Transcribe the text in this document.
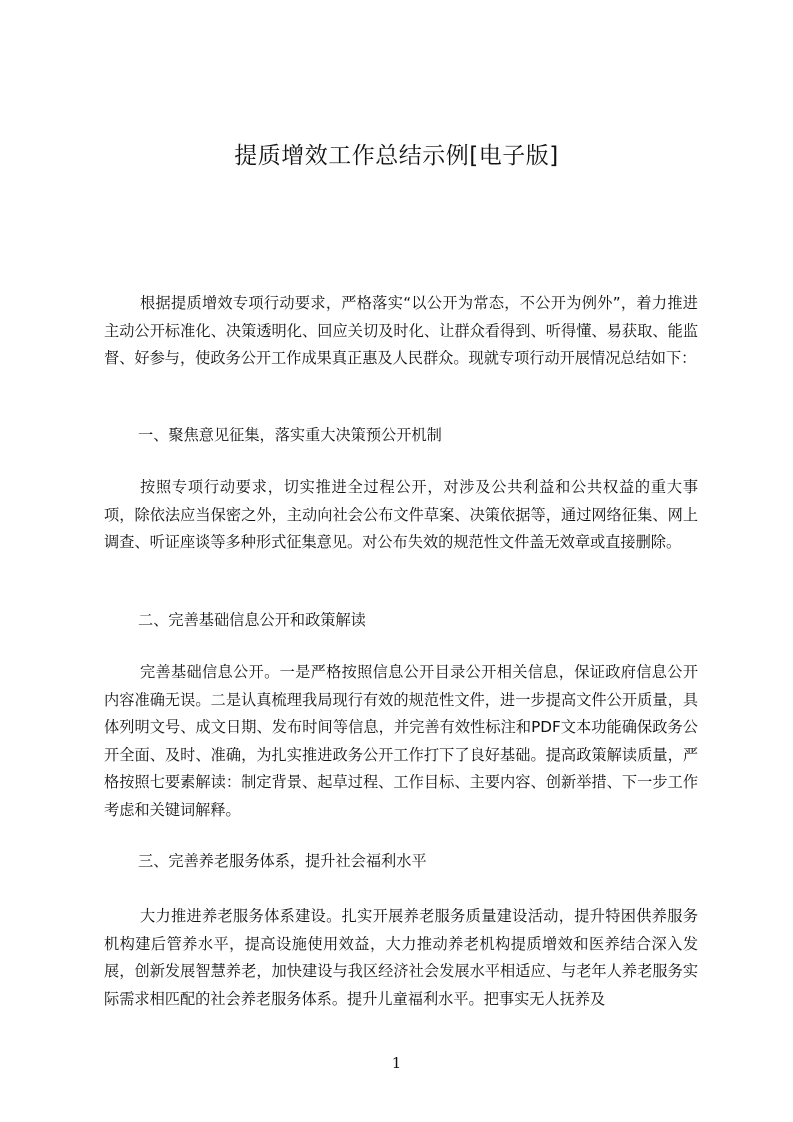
提质增效工作总结示例[电子版]

根据提质增效专项行动要求，严格落实“以公开为常态，不公开为例外”，着力推进主动公开标准化、决策透明化、回应关切及时化、让群众看得到、听得懂、易获取、能监督、好参与，使政务公开工作成果真正惠及人民群众。现就专项行动开展情况总结如下：

一、聚焦意见征集，落实重大决策预公开机制

按照专项行动要求，切实推进全过程公开，对涉及公共利益和公共权益的重大事项，除依法应当保密之外，主动向社会公布文件草案、决策依据等，通过网络征集、网上调查、听证座谈等多种形式征集意见。对公布失效的规范性文件盖无效章或直接删除。

二、完善基础信息公开和政策解读

完善基础信息公开。一是严格按照信息公开目录公开相关信息，保证政府信息公开内容准确无误。二是认真梳理我局现行有效的规范性文件，进一步提高文件公开质量，具体列明文号、成文日期、发布时间等信息，并完善有效性标注和PDF文本功能确保政务公开全面、及时、准确，为扎实推进政务公开工作打下了良好基础。提高政策解读质量，严格按照七要素解读：制定背景、起草过程、工作目标、主要内容、创新举措、下一步工作考虑和关键词解释。

三、完善养老服务体系，提升社会福利水平

大力推进养老服务体系建设。扎实开展养老服务质量建设活动，提升特困供养服务机构建后管养水平，提高设施使用效益，大力推动养老机构提质增效和医养结合深入发展，创新发展智慧养老，加快建设与我区经济社会发展水平相适应、与老年人养老服务实际需求相匹配的社会养老服务体系。提升儿童福利水平。把事实无人抚养及

1
